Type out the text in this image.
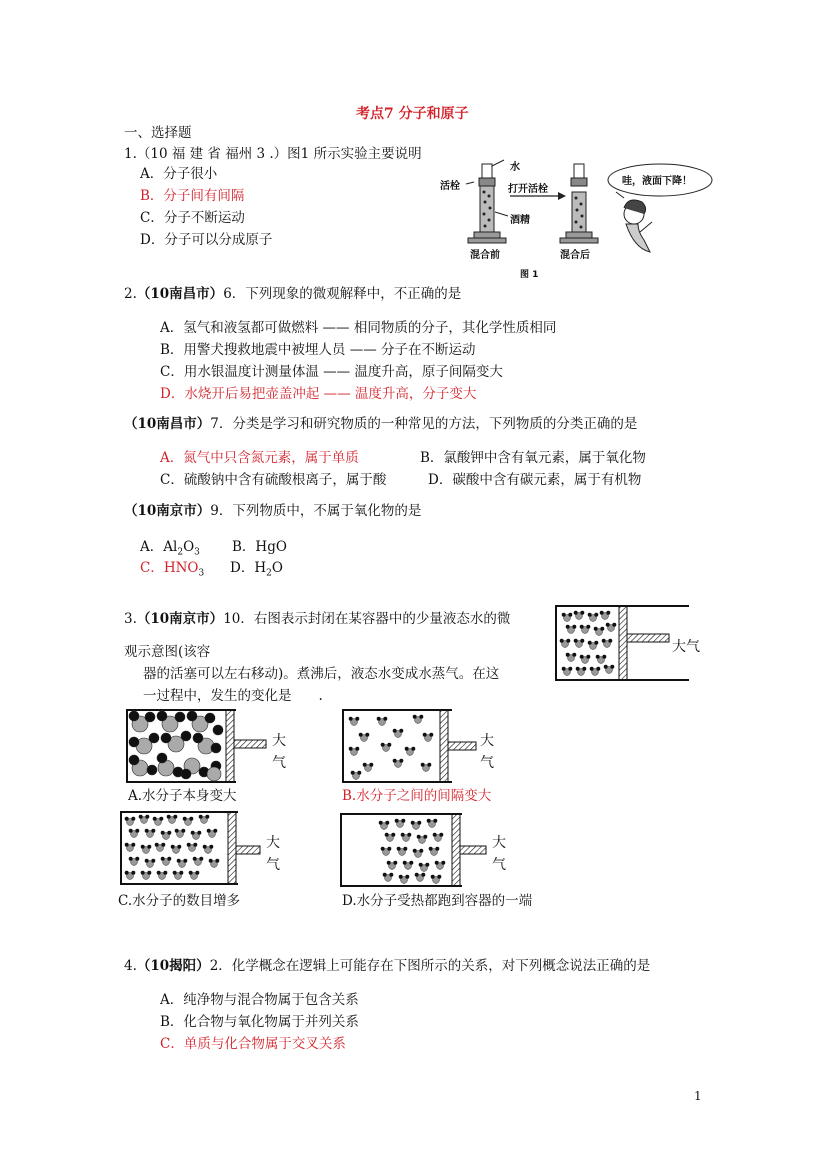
考点7 分子和原子
一、选择题
1.（10 福 建 省 福州 3 .）图1 所示实验主要说明
A．分子很小
B．分子间有间隔
C．分子不断运动
D．分子可以分成原子
水
活栓	打开活栓
酒精
混合前	混合后
哇，液面下降！
图 1
2.（10南昌市）6．下列现象的微观解释中，不正确的是
A．氢气和液氢都可做燃料 —— 相同物质的分子，其化学性质相同
B．用警犬搜救地震中被埋人员 —— 分子在不断运动
C．用水银温度计测量体温 —— 温度升高，原子间隔变大
D．水烧开后易把壶盖冲起 —— 温度升高，分子变大
（10南昌市）7．分类是学习和研究物质的一种常见的方法，下列物质的分类正确的是
A．氮气中只含氮元素，属于单质	B．氯酸钾中含有氧元素，属于氧化物
C．硫酸钠中含有硫酸根离子，属于酸	D．碳酸中含有碳元素，属于有机物
（10南京市）9．下列物质中，不属于氧化物的是
A．$Al_2O_3$ B．HgO
C．$HNO_3$ D．$H_2O$
3.（10南京市）10．右图表示封闭在某容器中的少量液态水的微
观示意图(该容
器的活塞可以左右移动)。煮沸后，液态水变成水蒸气。在这
一过程中，发生的变化是　　.
大气
大
气
A.水分子本身变大
大
气
B.水分子之间的间隔变大
大
气
C.水分子的数目增多
大
气
D.水分子受热都跑到容器的一端
4.（10揭阳）2．化学概念在逻辑上可能存在下图所示的关系，对下列概念说法正确的是
A．纯净物与混合物属于包含关系
B．化合物与氧化物属于并列关系
C．单质与化合物属于交叉关系
1
